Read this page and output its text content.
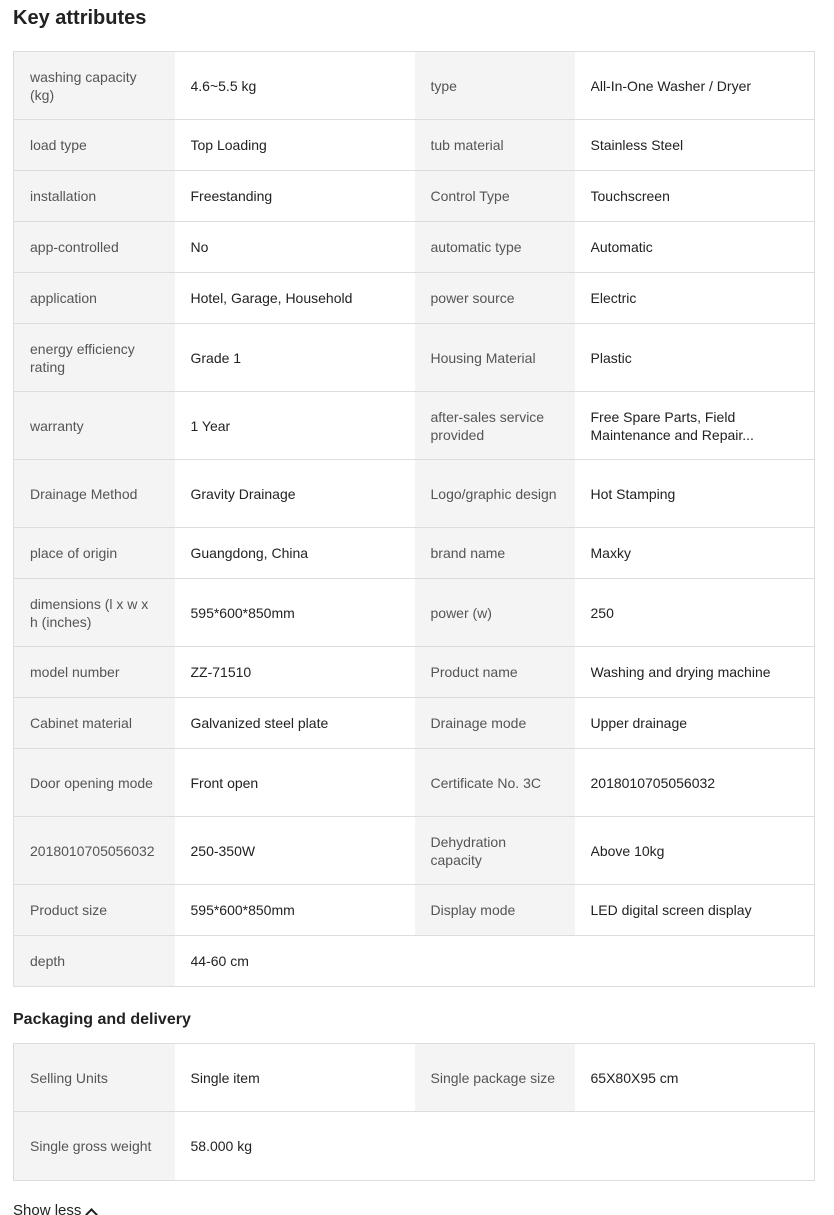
Key attributes
washing capacity (kg)	4.6~5.5 kg	type	All-In-One Washer / Dryer

load type	Top Loading	tub material	Stainless Steel

installation	Freestanding	Control Type	Touchscreen

app-controlled	No	automatic type	Automatic

application	Hotel, Garage, Household	power source	Electric

energy efficiency rating	Grade 1	Housing Material	Plastic

warranty	1 Year	after-sales service provided	Free Spare Parts, Field Maintenance and Repair...

Drainage Method	Gravity Drainage	Logo/graphic design	Hot Stamping

place of origin	Guangdong, China	brand name	Maxky

dimensions (l x w x h (inches)	595*600*850mm	power (w)	250

model number	ZZ-71510	Product name	Washing and drying machine

Cabinet material	Galvanized steel plate	Drainage mode	Upper drainage

Door opening mode	Front open	Certificate No. 3C	2018010705056032

2018010705056032	250-350W	Dehydration capacity	Above 10kg

Product size	595*600*850mm	Display mode	LED digital screen display

depth	44-60 cm		

Packaging and delivery
Selling Units	Single item	Single package size	65X80X95 cm

Single gross weight	58.000 kg		

Show less
